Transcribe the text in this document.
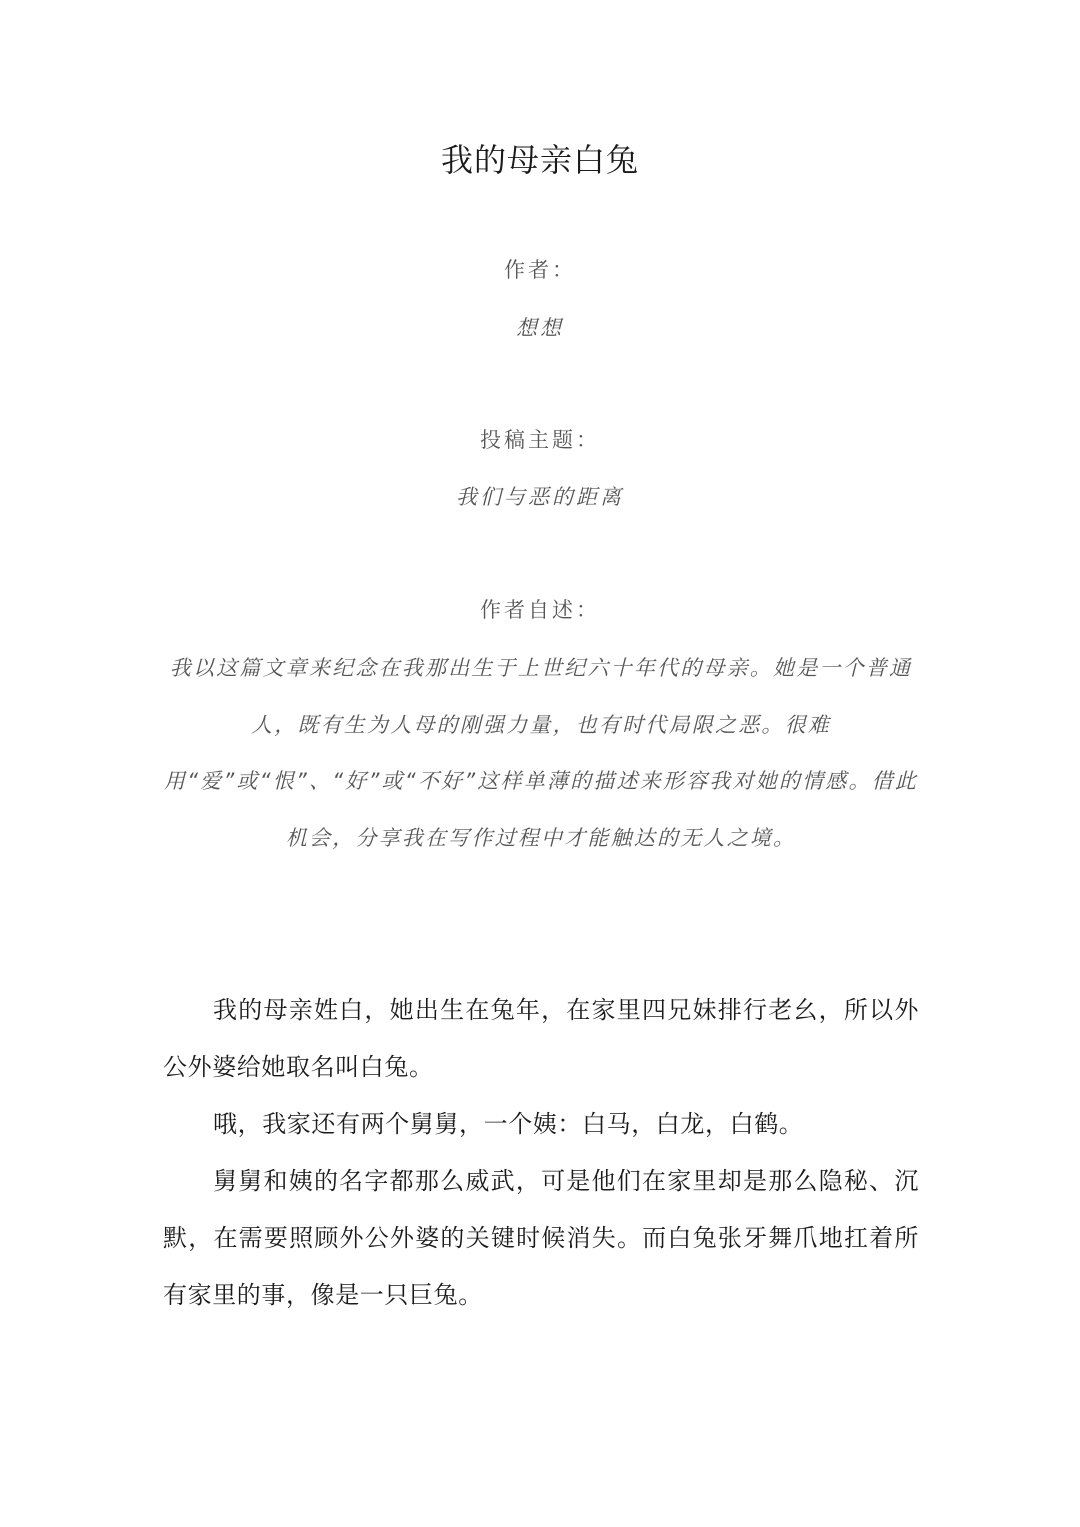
我的母亲白兔
作者：
想想
投稿主题：
我们与恶的距离
作者自述：
我以这篇文章来纪念在我那出生于上世纪六十年代的母亲。她是一个普通人，既有生为人母的刚强力量，也有时代局限之恶。很难用“爱”或“恨”、“好”或“不好”这样单薄的描述来形容我对她的情感。借此机会，分享我在写作过程中才能触达的无人之境。

我的母亲姓白，她出生在兔年，在家里四兄妹排行老幺，所以外公外婆给她取名叫白兔。

哦，我家还有两个舅舅，一个姨：白马，白龙，白鹤。

舅舅和姨的名字都那么威武，可是他们在家里却是那么隐秘、沉默，在需要照顾外公外婆的关键时候消失。而白兔张牙舞爪地扛着所有家里的事，像是一只巨兔。
